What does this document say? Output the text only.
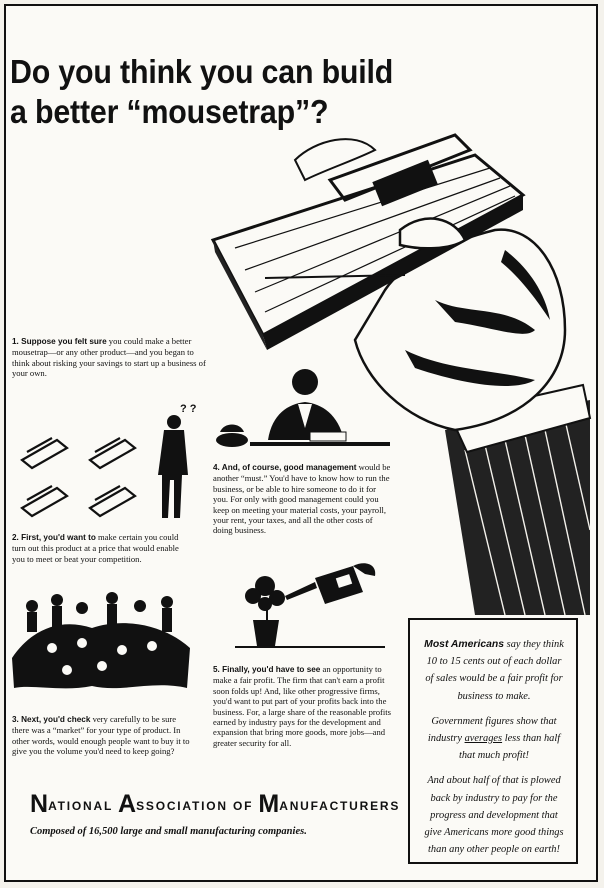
Do you think you can build
a better “mousetrap”?
1. Suppose you felt sure you could make a better mousetrap—or any other product—and you began to think about risking your savings to start up a business of your own.
? ?
2. First, you'd want to make certain you could turn out this product at a price that would enable you to meet or beat your competition.
3. Next, you'd check very carefully to be sure there was a “market” for your type of product. In other words, would enough people want to buy it to give you the volume you'd need to keep going?
4. And, of course, good management would be another “must.” You'd have to know how to run the business, or be able to hire someone to do it for you. For only with good management could you keep on meeting your material costs, your payroll, your rent, your taxes, and all the other costs of doing business.
5. Finally, you'd have to see an opportunity to make a fair profit. The firm that can't earn a profit soon folds up! And, like other progressive firms, you'd want to put part of your profits back into the business. For, a large share of the reasonable profits earned by industry pays for the development and expansion that bring more goods, more jobs—and greater security for all.
NATIONAL ASSOCIATION OF MANUFACTURERS
Composed of 16,500 large and small manufacturing companies.

Most Americans say they think 10 to 15 cents out of each dollar of sales would be a fair profit for business to make.

Government figures show that industry averages less than half that much profit!

And about half of that is plowed back by industry to pay for the progress and development that give Americans more good things than any other people on earth!
